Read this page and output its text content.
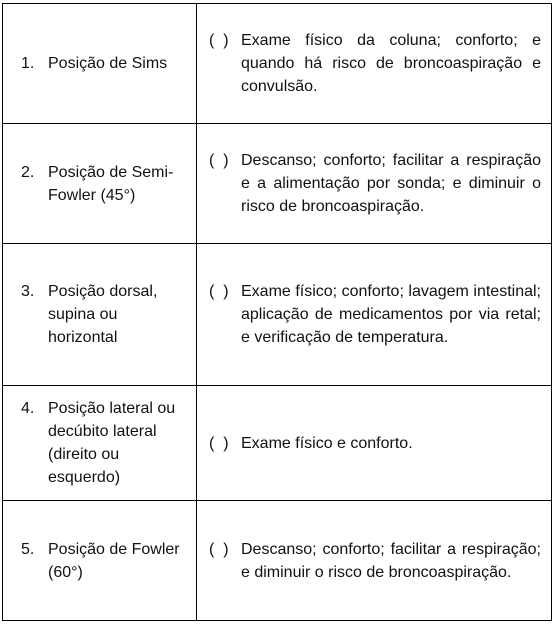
1. Posição de Sims	(  ) Exame físico da coluna; conforto; e quando há risco de broncoaspiração e convulsão.

2. Posição de Semi-Fowler (45°)	(  ) Descanso; conforto; facilitar a respiração e a alimentação por sonda; e diminuir o risco de broncoaspiração.

3. Posição dorsal, supina ou horizontal	(  ) Exame físico; conforto; lavagem intestinal; aplicação de medicamentos por via retal; e verificação de temperatura.

4. Posição lateral ou decúbito lateral (direito ou esquerdo)	(  ) Exame físico e conforto.

5. Posição de Fowler (60°)	(  ) Descanso; conforto; facilitar a respiração; e diminuir o risco de broncoaspiração.
